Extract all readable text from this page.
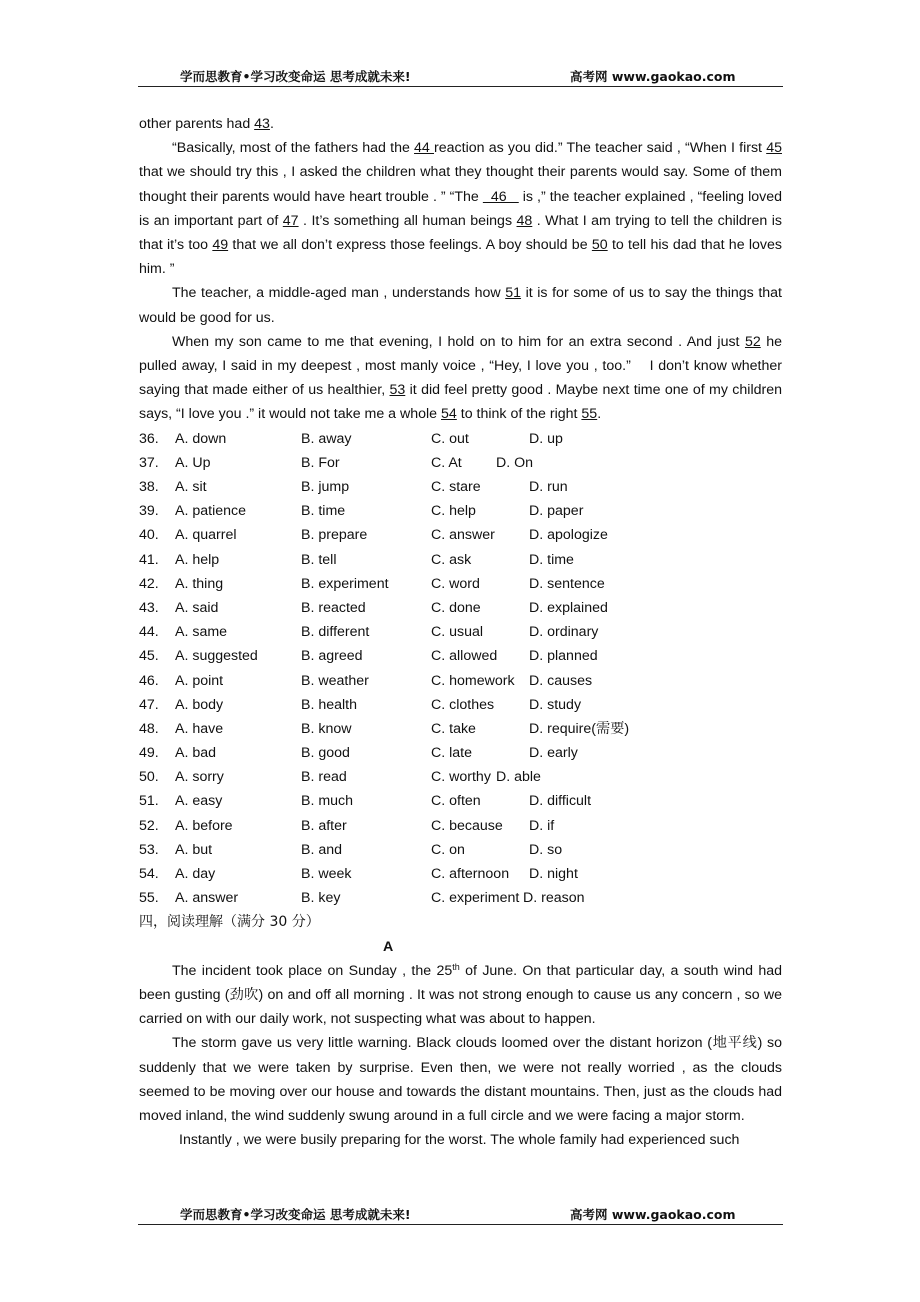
学而思教育•学习改变命运 思考成就未来!	高考网 www.gaokao.com

other parents had 43.

“Basically, most of the fathers had the 44 reaction as you did.” The teacher said , “When I first 45 that we should try this , I asked the children what they thought their parents would say. Some of them thought their parents would have heart trouble . ” “The   46    is ,” the teacher explained , “feeling loved is an important part of 47 . It’s something all human beings 48 . What I am trying to tell the children is that it’s too 49 that we all don’t express those feelings. A boy should be 50 to tell his dad that he loves him. ”

The teacher, a middle-aged man , understands how 51 it is for some of us to say the things that would be good for us.

When my son came to me that evening, I hold on to him for an extra second . And just 52 he pulled away, I said in my deepest , most manly voice , “Hey, I love you , too.”    I don’t know whether saying that made either of us healthier, 53 it did feel pretty good . Maybe next time one of my children says, “I love you .” it would not take me a whole 54 to think of the right 55.

36.	A. down	B. away	C. out	D. up
37.	A. Up	B. For	C. At	D. On
38.	A. sit	B. jump	C. stare	D. run
39.	A. patience	B. time	C. help	D. paper
40.	A. quarrel	B. prepare	C. answer	D. apologize
41.	A. help	B. tell	C. ask	D. time
42.	A. thing	B. experiment	C. word	D. sentence
43.	A. said	B. reacted	C. done	D. explained
44.	A. same	B. different	C. usual	D. ordinary
45.	A. suggested	B. agreed	C. allowed	D. planned
46.	A. point	B. weather	C. homework	D. causes
47.	A. body	B. health	C. clothes	D. study
48.	A. have	B. know	C. take	D. require(需要)
49.	A. bad	B. good	C. late	D. early
50.	A. sorry	B. read	C. worthy D. able
51.	A. easy	B. much	C. often	D. difficult
52.	A. before	B. after	C. because	D. if
53.	A. but	B. and	C. on	D. so
54.	A. day	B. week	C. afternoon	D. night
55.	A. answer	B. key	C. experiment D. reason
四，阅读理解（满分 30 分）
A

The incident took place on Sunday , the 25th of June. On that particular day, a south wind had been gusting (劲吹) on and off all morning . It was not strong enough to cause us any concern , so we carried on with our daily work, not suspecting what was about to happen.

The storm gave us very little warning. Black clouds loomed over the distant horizon (地平线) so suddenly that we were taken by surprise. Even then, we were not really worried , as the clouds seemed to be moving over our house and towards the distant mountains. Then, just as the clouds had moved inland, the wind suddenly swung around in a full circle and we were facing a major storm.

Instantly , we were busily preparing for the worst. The whole family had experienced such

学而思教育•学习改变命运 思考成就未来!	高考网 www.gaokao.com
